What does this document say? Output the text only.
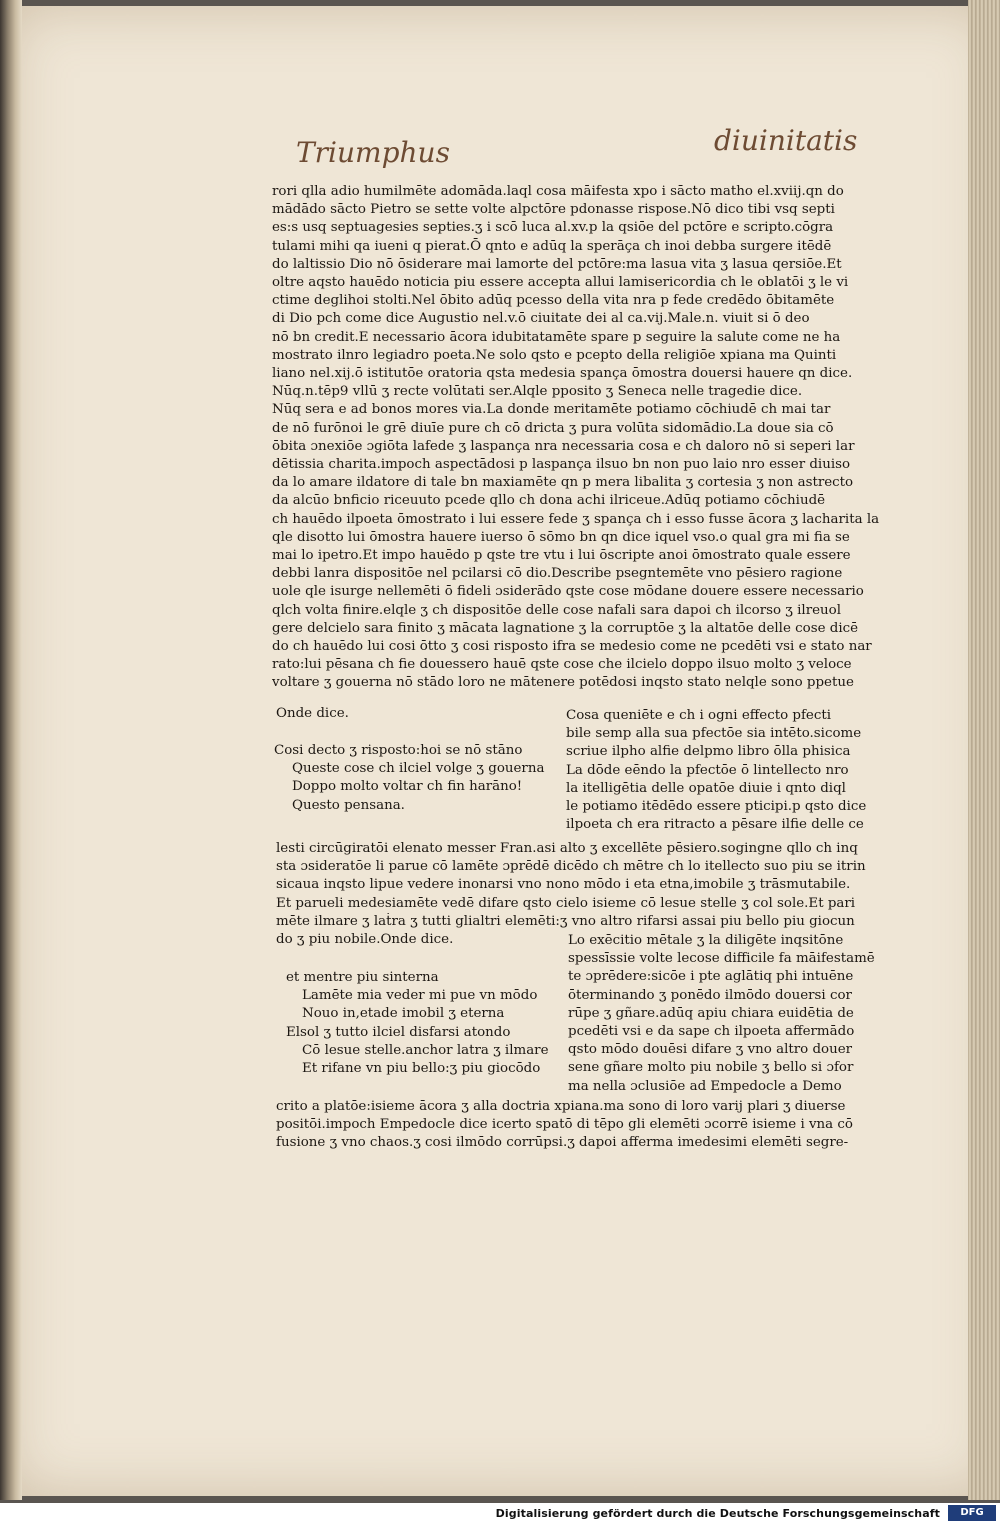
Triumphus	diuinitatis
rori qlla adio humilmēte adomāda.laql cosa māifesta xpo i sācto matho el.xviij.qn do
mādādo sācto Pietro se sette volte alpctōre pdonasse rispose.Nō dico tibi vsq septi
es:s usq septuagesies septies.ʒ i scō luca al.xv.p la qsiōe del pctōre e scripto.cōgra
tulami mihi qa iueni q pierat.Ō qnto e adūq la sperāça ch inoi debba surgere itēdē
do laltissio Dio nō ōsiderare mai lamorte del pctōre:ma lasua vita ʒ lasua qersiōe.Et
oltre aqsto hauēdo noticia piu essere accepta allui lamisericordia ch le oblatōi ʒ le vi
ctime deglihoi stolti.Nel ōbito adūq pcesso della vita nra p fede credēdo ōbitamēte
di Dio pch come dice Augustio nel.v.ō ciuitate dei al ca.vij.Male.n. viuit si ō deo
nō bn credit.E necessario ācora idubitatamēte spare p seguire la salute come ne ha
mostrato ilnro legiadro poeta.Ne solo qsto e pcepto della religiōe xpiana ma Quinti
liano nel.xij.ō istitutōe oratoria qsta medesia spança ōmostra douersi hauere qn dice.
Nūq.n.tēp9 vllū ʒ recte volūtati ser.Alqle pposito ʒ Seneca nelle tragedie dice.
Nūq sera e ad bonos mores via.La donde meritamēte potiamo cōchiudē ch mai tar
de nō furōnoi le grē diuīe pure ch cō dricta ʒ pura volūta sidomādio.La doue sia cō
ōbita ɔnexiōe ɔgiōta lafede ʒ laspança nra necessaria cosa e ch daloro nō si seperi lar
dētissia charita.impoch aspectādosi p laspança ilsuo bn non puo laio nro esser diuiso
da lo amare ildatore di tale bn maxiamēte qn p mera libalita ʒ cortesia ʒ non astrecto
da alcūo bnficio riceuuto pcede qllo ch dona achi ilriceue.Adūq potiamo cōchiudē
ch hauēdo ilpoeta ōmostrato i lui essere fede ʒ spança ch i esso fusse ācora ʒ lacharita la
qle disotto lui ōmostra hauere iuerso ō sōmo bn qn dice iquel vso.o qual gra mi fia se
mai lo ipetro.Et impo hauēdo p qste tre vtu i lui ōscripte anoi ōmostrato quale essere
debbi lanra dispositōe nel pcilarsi cō dio.Describe psegntemēte vno pēsiero ragione
uole qle isurge nellemēti ō fideli ɔsiderādo qste cose mōdane douere essere necessario
qlch volta finire.elqle ʒ ch dispositōe delle cose nafali sara dapoi ch ilcorso ʒ ilreuol
gere delcielo sara finito ʒ mācata lagnatione ʒ la corruptōe ʒ la altatōe delle cose dicē
do ch hauēdo lui cosi ōtto ʒ cosi risposto ifra se medesio come ne pcedēti vsi e stato nar
rato:lui pēsana ch fie douessero hauē qste cose che ilcielo doppo ilsuo molto ʒ veloce
voltare ʒ gouerna nō stādo loro ne mātenere potēdosi inqsto stato nelqle sono ppetue
Onde dice.	Cosa queniēte e ch i ogni effecto pfecti
bile semp alla sua pfectōe sia intēto.sicome
scriue ilpho alfie delpmo libro ōlla phisica
La dōde eēndo la pfectōe ō lintellecto nro
la itelligētia delle opatōe diuie i qnto diql
le potiamo itēdēdo essere pticipi.p qsto dice
ilpoeta ch era ritracto a pēsare ilfie delle ce
Cosi decto ʒ risposto:hoi se nō stāno
Queste cose ch ilciel volge ʒ gouerna
Doppo molto voltar ch fin harāno!
Questo pensana.
lesti circūgiratōi elenato messer Fran.asi alto ʒ excellēte pēsiero.sogingne qllo ch inq
sta ɔsideratōe li parue cō lamēte ɔprēdē dicēdo ch mētre ch lo itellecto suo piu se itrin
sicaua inqsto lipue vedere inonarsi vno nono mōdo i eta etna,imobile ʒ trāsmutabile.
Et parueli medesiamēte vedē difare qsto cielo isieme cō lesue stelle ʒ col sole.Et pari
mēte ilmare ʒ laṫra ʒ tutti glialtri elemēti:ʒ vno altro rifarsi assai piu bello piu giocun
do ʒ piu nobile.Onde dice.	Lo exēcitio mētale ʒ la diligēte inqsitōne
spessīssie volte lecose difficile fa māifestamē
te ɔprēdere:sicōe i pte aglātiq phi intuēne
ōterminando ʒ ponēdo ilmōdo douersi cor
rūpe ʒ gñare.adūq apiu chiara euidētia de
pcedēti vsi e da sape ch ilpoeta affermādo
qsto mōdo douēsi difare ʒ vno altro douer
sene gñare molto piu nobile ʒ bello si ɔfor
ma nella ɔclusiōe ad Empedocle a Demo
et mentre piu sinterna
Lamēte mia veder mi pue vn mōdo
Nouo in,etade imobil ʒ eterna
Elsol ʒ tutto ilciel disfarsi atondo
Cō lesue stelle.anchor latra ʒ ilmare
Et rifane vn piu bello:ʒ piu giocōdo
crito a platōe:isieme ācora ʒ alla doctria xpiana.ma sono di loro varij plari ʒ diuerse
positōi.impoch Empedocle dice icerto spatō di tēpo gli elemēti ɔcorrē isieme i vna cō
fusione ʒ vno chaos.ʒ cosi ilmōdo corrūpsi.ʒ dapoi afferma imedesimi elemēti segre-
Digitalisierung gefördert durch die Deutsche Forschungsgemeinschaft	DFG
